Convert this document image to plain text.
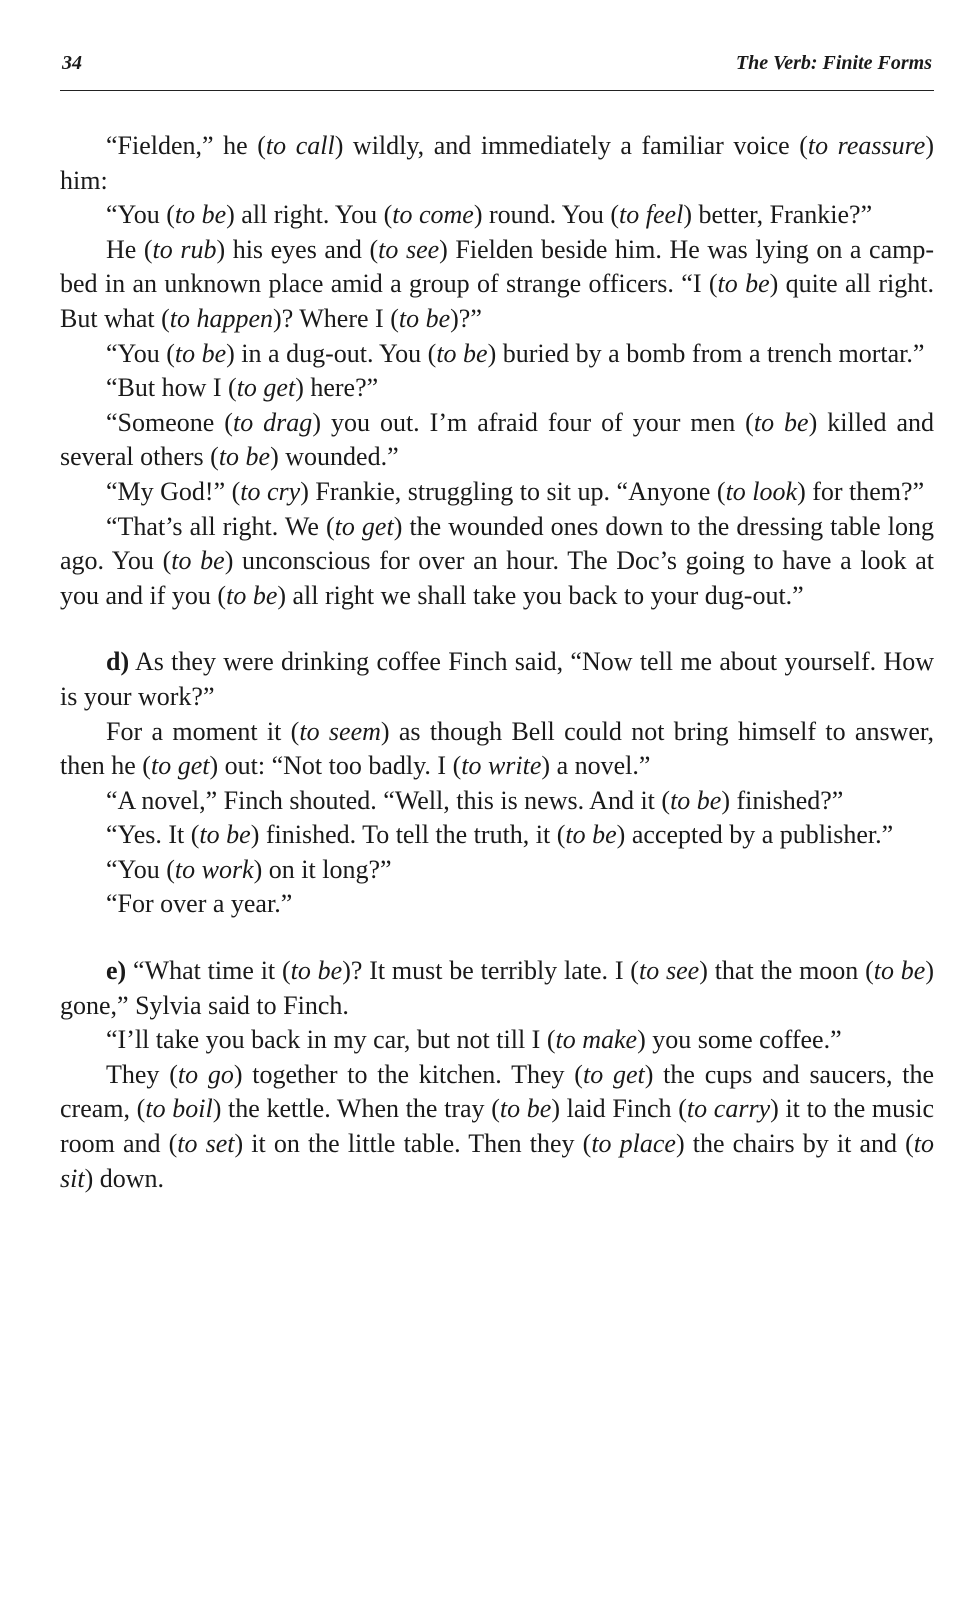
34	The Verb: Finite Forms

“Fielden,” he (to call) wildly, and immediately a familiar voice (to reassure) him:

“You (to be) all right. You (to come) round. You (to feel) better, Frankie?”

He (to rub) his eyes and (to see) Fielden beside him. He was lying on a camp-bed in an unknown place amid a group of strange officers. “I (to be) quite all right. But what (to happen)? Where I (to be)?”

“You (to be) in a dug-out. You (to be) buried by a bomb from a trench mortar.”

“But how I (to get) here?”

“Someone (to drag) you out. I’m afraid four of your men (to be) killed and several others (to be) wounded.”

“My God!” (to cry) Frankie, struggling to sit up. “Anyone (to look) for them?”

“That’s all right. We (to get) the wounded ones down to the dressing table long ago. You (to be) unconscious for over an hour. The Doc’s going to have a look at you and if you (to be) all right we shall take you back to your dug-out.”

d) As they were drinking coffee Finch said, “Now tell me about yourself. How is your work?”

For a moment it (to seem) as though Bell could not bring himself to answer, then he (to get) out: “Not too badly. I (to write) a novel.”

“A novel,” Finch shouted. “Well, this is news. And it (to be) finished?”

“Yes. It (to be) finished. To tell the truth, it (to be) accepted by a publisher.”

“You (to work) on it long?”

“For over a year.”

e) “What time it (to be)? It must be terribly late. I (to see) that the moon (to be) gone,” Sylvia said to Finch.

“I’ll take you back in my car, but not till I (to make) you some coffee.”

They (to go) together to the kitchen. They (to get) the cups and saucers, the cream, (to boil) the kettle. When the tray (to be) laid Finch (to carry) it to the music room and (to set) it on the little table. Then they (to place) the chairs by it and (to sit) down.
